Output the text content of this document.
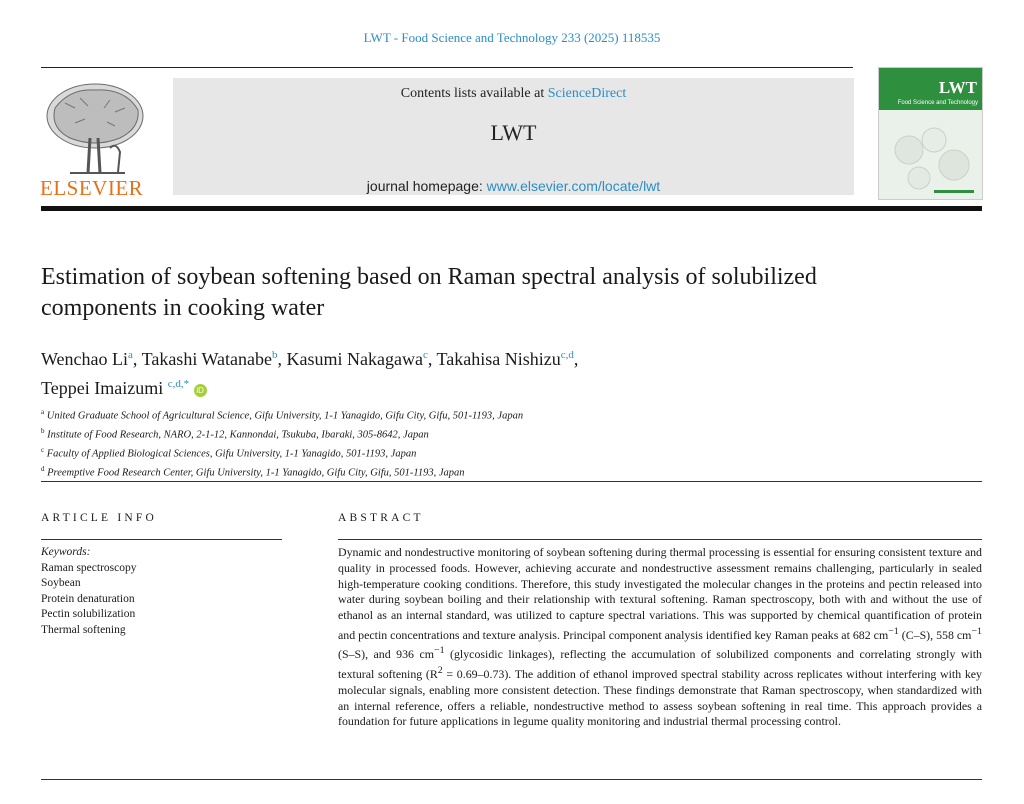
LWT - Food Science and Technology 233 (2025) 118535
ELSEVIER
Contents lists available at ScienceDirect
LWT
journal homepage: www.elsevier.com/locate/lwt
LWT
Food Science and Technology
Estimation of soybean softening based on Raman spectral analysis of solubilized components in cooking water
Wenchao Li$^a$, Takashi Watanabe$^b$, Kasumi Nakagawa$^c$, Takahisa Nishizu$^{c,d}$,
Teppei Imaizumi $^{c,d,*}$ iD
$^a$ United Graduate School of Agricultural Science, Gifu University, 1-1 Yanagido, Gifu City, Gifu, 501-1193, Japan
$^b$ Institute of Food Research, NARO, 2-1-12, Kannondai, Tsukuba, Ibaraki, 305-8642, Japan
$^c$ Faculty of Applied Biological Sciences, Gifu University, 1-1 Yanagido, 501-1193, Japan
$^d$ Preemptive Food Research Center, Gifu University, 1-1 Yanagido, Gifu City, Gifu, 501-1193, Japan
ARTICLE INFO	ABSTRACT
Keywords:
Raman spectroscopy
Soybean
Protein denaturation
Pectin solubilization
Thermal softening
Dynamic and nondestructive monitoring of soybean softening during thermal processing is essential for ensuring consistent texture and quality in processed foods. However, achieving accurate and nondestructive assessment remains challenging, particularly in sealed high-temperature cooking conditions. Therefore, this study investigated the molecular changes in the proteins and pectin released into water during soybean boiling and their relationship with textural softening. Raman spectroscopy, both with and without the use of ethanol as an internal standard, was utilized to capture spectral variations. This was supported by chemical quantification of protein and pectin concentrations and texture analysis. Principal component analysis identified key Raman peaks at 682 $cm^{-1}$ (C–S), 558 $cm^{-1}$ (S–S), and 936 $cm^{-1}$ (glycosidic linkages), reflecting the accumulation of solubilized components and correlating strongly with textural softening $(R^2 = 0.69-0.73)$. The addition of ethanol improved spectral stability across replicates without interfering with key molecular signals, enabling more consistent detection. These findings demonstrate that Raman spectroscopy, when standardized with an internal reference, offers a reliable, nondestructive method to assess soybean softening in real time. This approach provides a foundation for future applications in legume quality monitoring and industrial thermal processing control.
